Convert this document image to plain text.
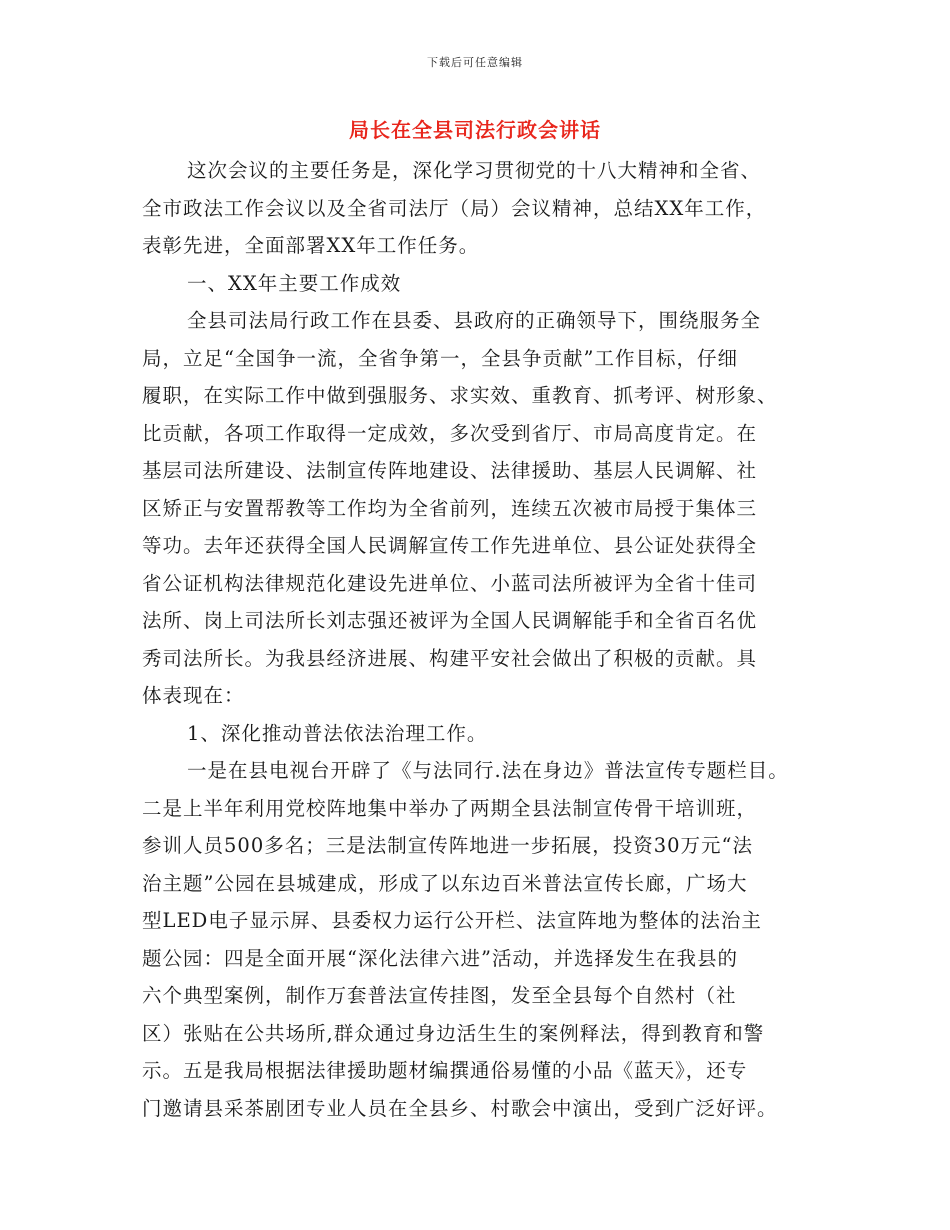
下载后可任意编辑
局长在全县司法行政会讲话
这次会议的主要任务是，深化学习贯彻党的十八大精神和全省、
全市政法工作会议以及全省司法厅（局）会议精神，总结XX年工作，
表彰先进，全面部署XX年工作任务。
一、XX年主要工作成效
全县司法局行政工作在县委、县政府的正确领导下，围绕服务全
局，立足“全国争一流，全省争第一，全县争贡献”工作目标，仔细
履职，在实际工作中做到强服务、求实效、重教育、抓考评、树形象、
比贡献，各项工作取得一定成效，多次受到省厅、市局高度肯定。在
基层司法所建设、法制宣传阵地建设、法律援助、基层人民调解、社
区矫正与安置帮教等工作均为全省前列，连续五次被市局授于集体三
等功。去年还获得全国人民调解宣传工作先进单位、县公证处获得全
省公证机构法律规范化建设先进单位、小蓝司法所被评为全省十佳司
法所、岗上司法所长刘志强还被评为全国人民调解能手和全省百名优
秀司法所长。为我县经济进展、构建平安社会做出了积极的贡献。具
体表现在：
1、深化推动普法依法治理工作。
一是在县电视台开辟了《与法同行.法在身边》普法宣传专题栏目。
二是上半年利用党校阵地集中举办了两期全县法制宣传骨干培训班，
参训人员500多名；三是法制宣传阵地进一步拓展，投资30万元“法
治主题”公园在县城建成，形成了以东边百米普法宣传长廊，广场大
型LED电子显示屏、县委权力运行公开栏、法宣阵地为整体的法治主
题公园：四是全面开展“深化法律六进”活动，并选择发生在我县的
六个典型案例，制作万套普法宣传挂图，发至全县每个自然村（社
区）张贴在公共场所,群众通过身边活生生的案例释法，得到教育和警
示。五是我局根据法律援助题材编撰通俗易懂的小品《蓝天》，还专
门邀请县采茶剧团专业人员在全县乡、村歌会中演出，受到广泛好评。
